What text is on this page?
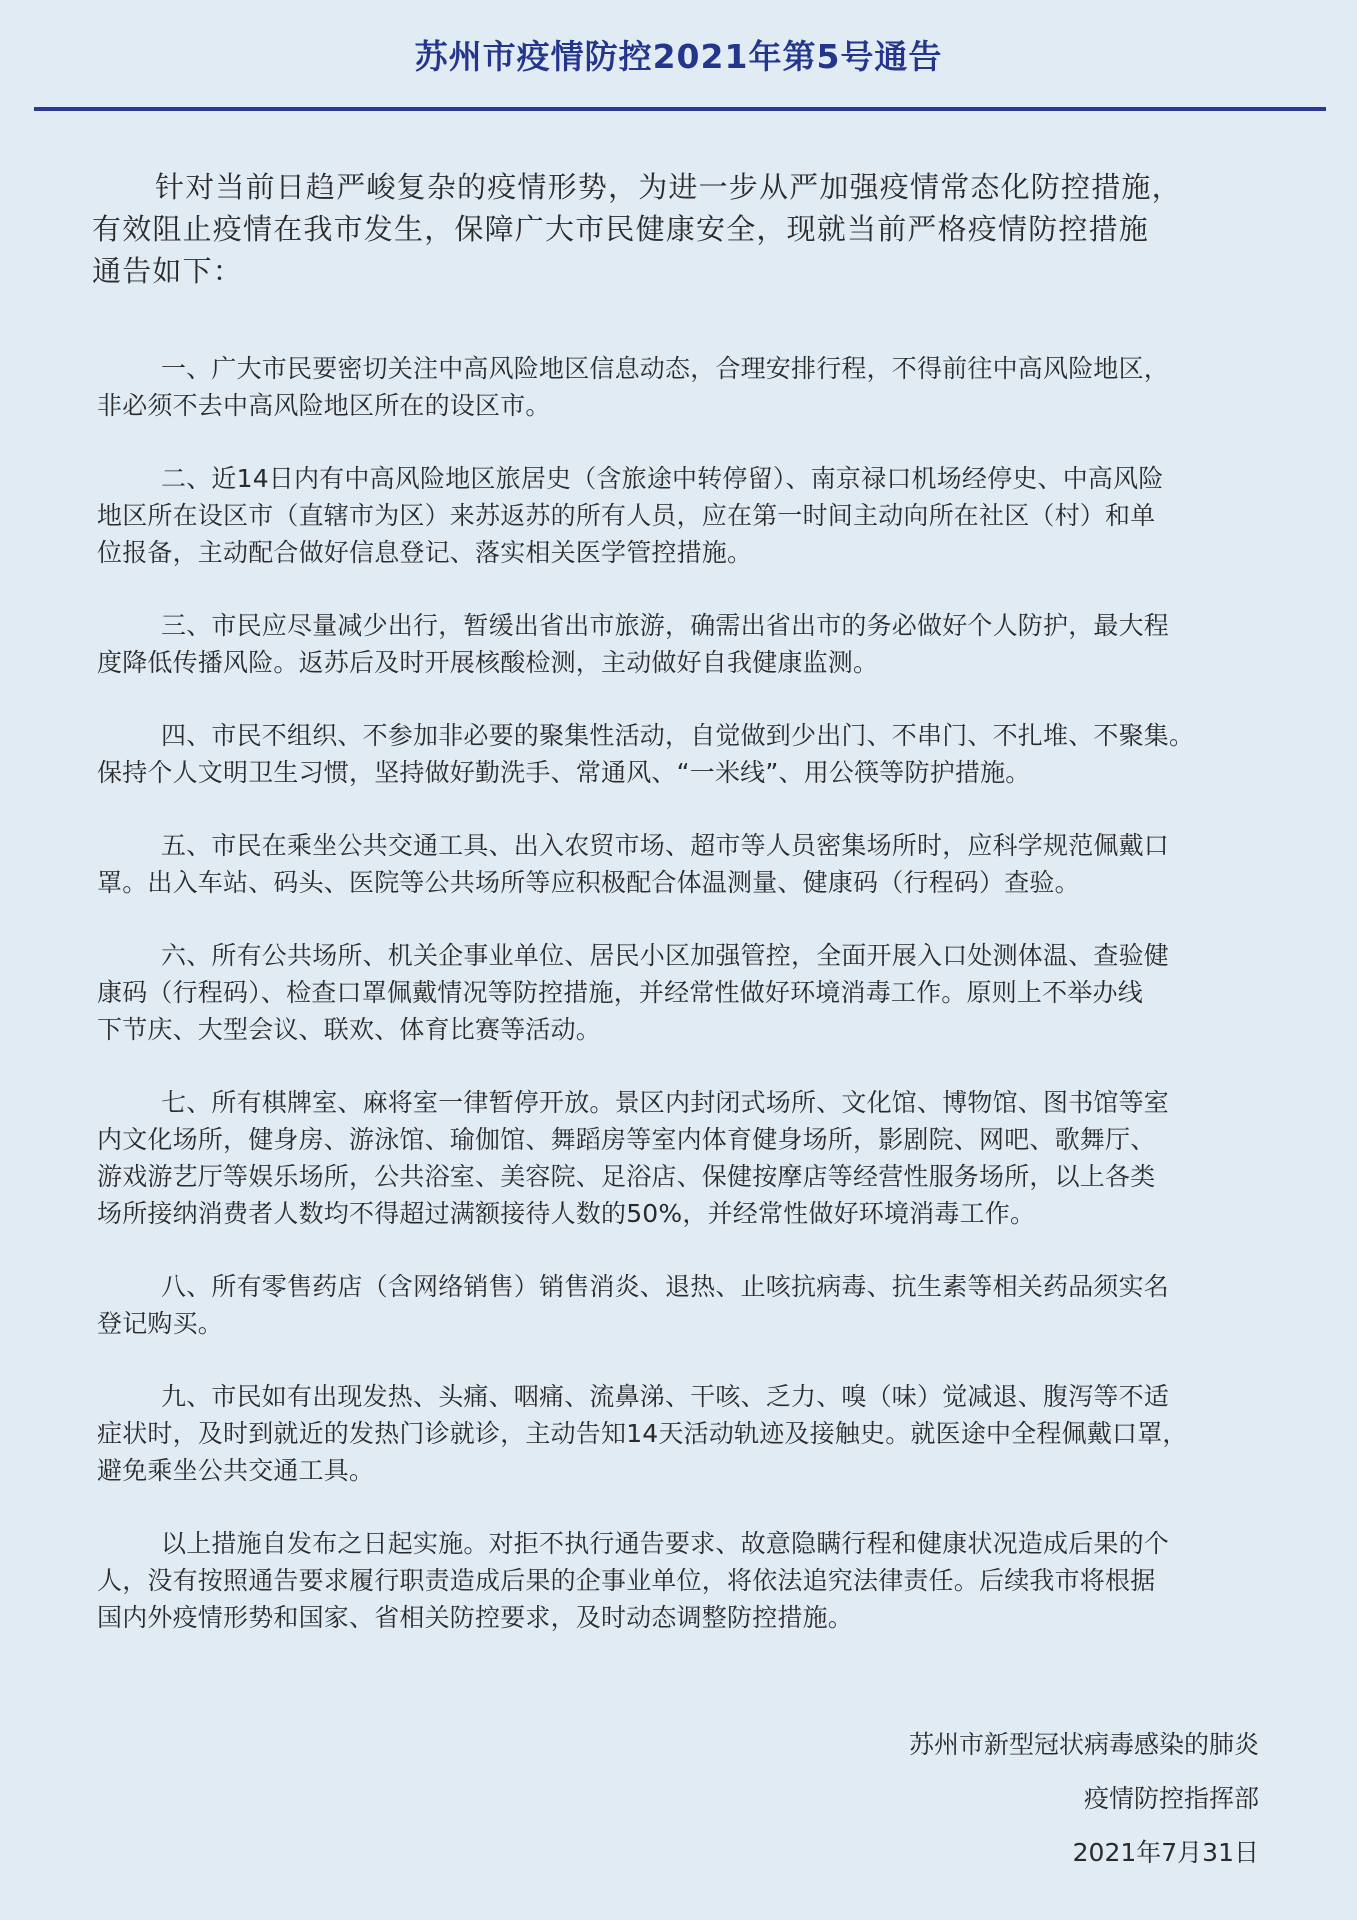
苏州市疫情防控2021年第5号通告
针对当前日趋严峻复杂的疫情形势，为进一步从严加强疫情常态化防控措施，
有效阻止疫情在我市发生，保障广大市民健康安全，现就当前严格疫情防控措施
通告如下：

一、广大市民要密切关注中高风险地区信息动态，合理安排行程，不得前往中高风险地区，
非必须不去中高风险地区所在的设区市。

二、近14日内有中高风险地区旅居史（含旅途中转停留）、南京禄口机场经停史、中高风险
地区所在设区市（直辖市为区）来苏返苏的所有人员，应在第一时间主动向所在社区（村）和单
位报备，主动配合做好信息登记、落实相关医学管控措施。

三、市民应尽量减少出行，暂缓出省出市旅游，确需出省出市的务必做好个人防护，最大程
度降低传播风险。返苏后及时开展核酸检测，主动做好自我健康监测。

四、市民不组织、不参加非必要的聚集性活动，自觉做到少出门、不串门、不扎堆、不聚集。
保持个人文明卫生习惯，坚持做好勤洗手、常通风、“一米线”、用公筷等防护措施。

五、市民在乘坐公共交通工具、出入农贸市场、超市等人员密集场所时，应科学规范佩戴口
罩。出入车站、码头、医院等公共场所等应积极配合体温测量、健康码（行程码）查验。

六、所有公共场所、机关企事业单位、居民小区加强管控，全面开展入口处测体温、查验健
康码（行程码）、检查口罩佩戴情况等防控措施，并经常性做好环境消毒工作。原则上不举办线
下节庆、大型会议、联欢、体育比赛等活动。

七、所有棋牌室、麻将室一律暂停开放。景区内封闭式场所、文化馆、博物馆、图书馆等室
内文化场所，健身房、游泳馆、瑜伽馆、舞蹈房等室内体育健身场所，影剧院、网吧、歌舞厅、
游戏游艺厅等娱乐场所，公共浴室、美容院、足浴店、保健按摩店等经营性服务场所，以上各类
场所接纳消费者人数均不得超过满额接待人数的50%，并经常性做好环境消毒工作。

八、所有零售药店（含网络销售）销售消炎、退热、止咳抗病毒、抗生素等相关药品须实名
登记购买。

九、市民如有出现发热、头痛、咽痛、流鼻涕、干咳、乏力、嗅（味）觉减退、腹泻等不适
症状时，及时到就近的发热门诊就诊，主动告知14天活动轨迹及接触史。就医途中全程佩戴口罩，
避免乘坐公共交通工具。

以上措施自发布之日起实施。对拒不执行通告要求、故意隐瞒行程和健康状况造成后果的个
人，没有按照通告要求履行职责造成后果的企事业单位，将依法追究法律责任。后续我市将根据
国内外疫情形势和国家、省相关防控要求，及时动态调整防控措施。

苏州市新型冠状病毒感染的肺炎
疫情防控指挥部
2021年7月31日
